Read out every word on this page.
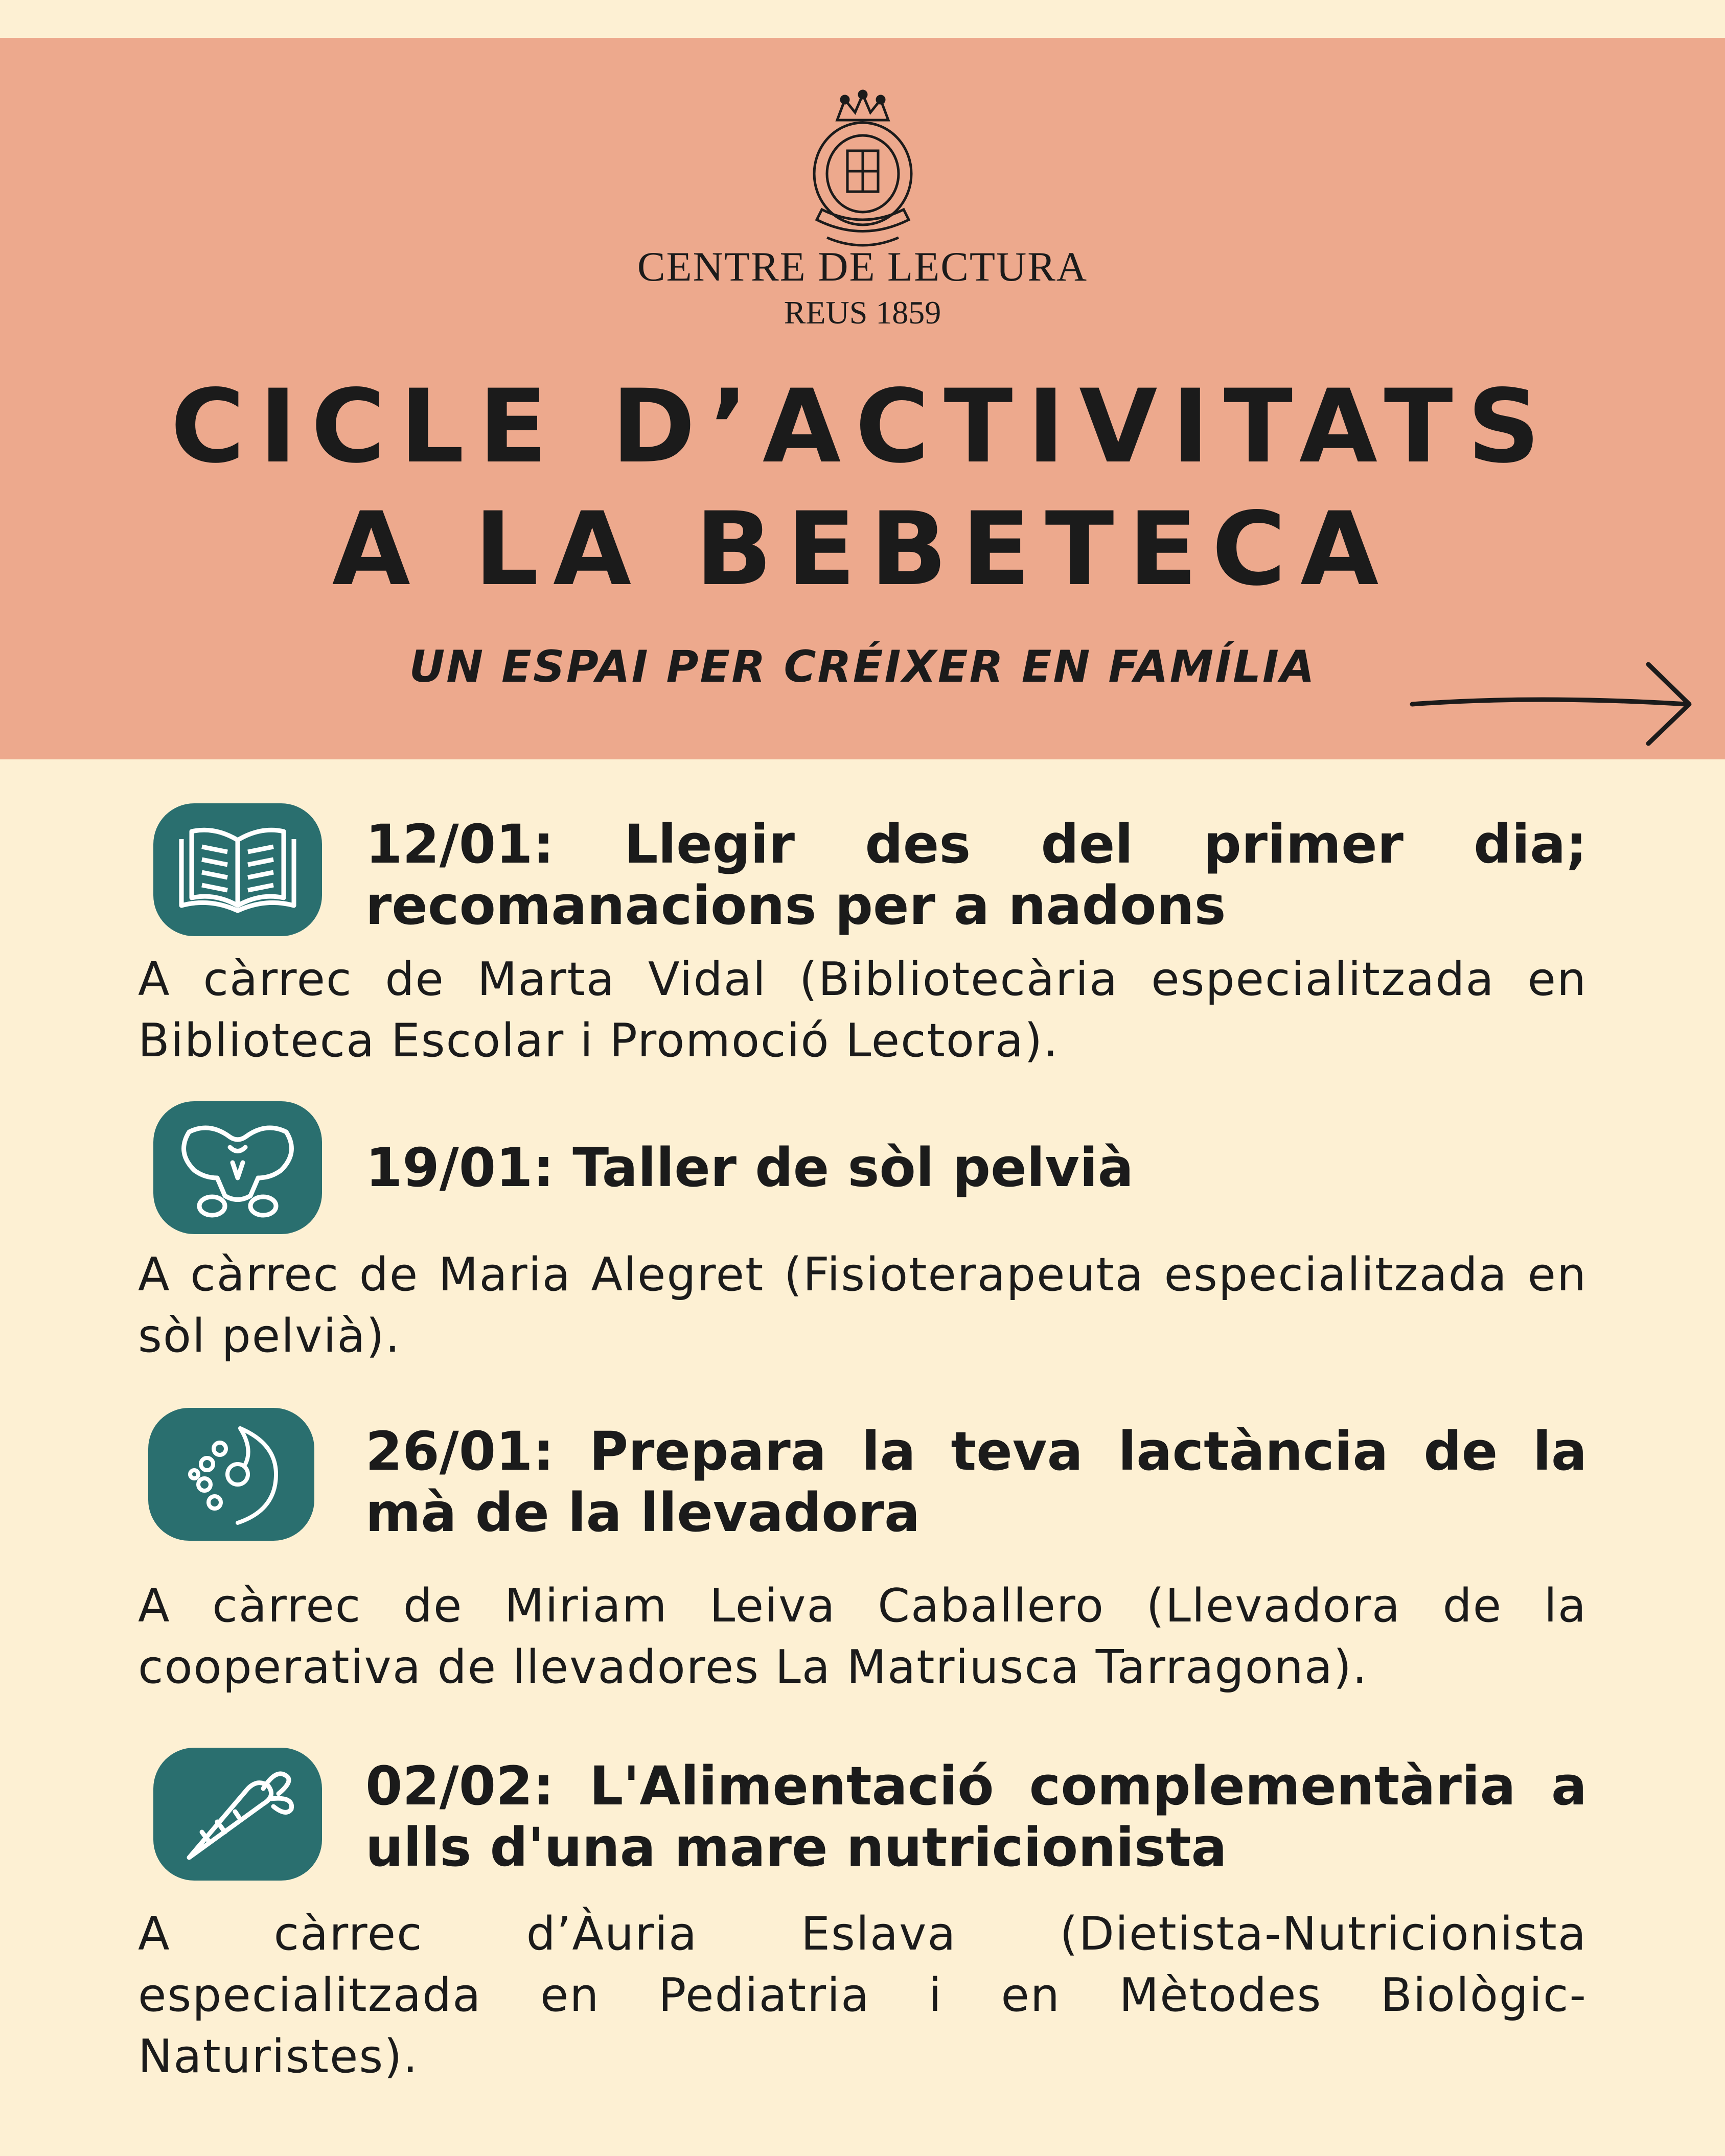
CENTRE DE LECTURA
REUS 1859
CICLE D’ACTIVITATS
A LA BEBETECA
UN ESPAI PER CRÉIXER EN FAMÍLIA
12/01: Llegir des del primer dia; recomanacions per a nadons
A càrrec de Marta Vidal (Bibliotecària especialitzada en Biblioteca Escolar i Promoció Lectora).
19/01: Taller de sòl pelvià
A càrrec de Maria Alegret (Fisioterapeuta especialitzada en sòl pelvià).
26/01: Prepara la teva lactància de la mà de la llevadora
A càrrec de Miriam Leiva Caballero (Llevadora de la cooperativa de llevadores La Matriusca Tarragona).
02/02: L'Alimentació complementària a ulls d'una mare nutricionista
A càrrec d’Àuria Eslava (Dietista-Nutricionista especialitzada en Pediatria i en Mètodes Biològic-Naturistes).
